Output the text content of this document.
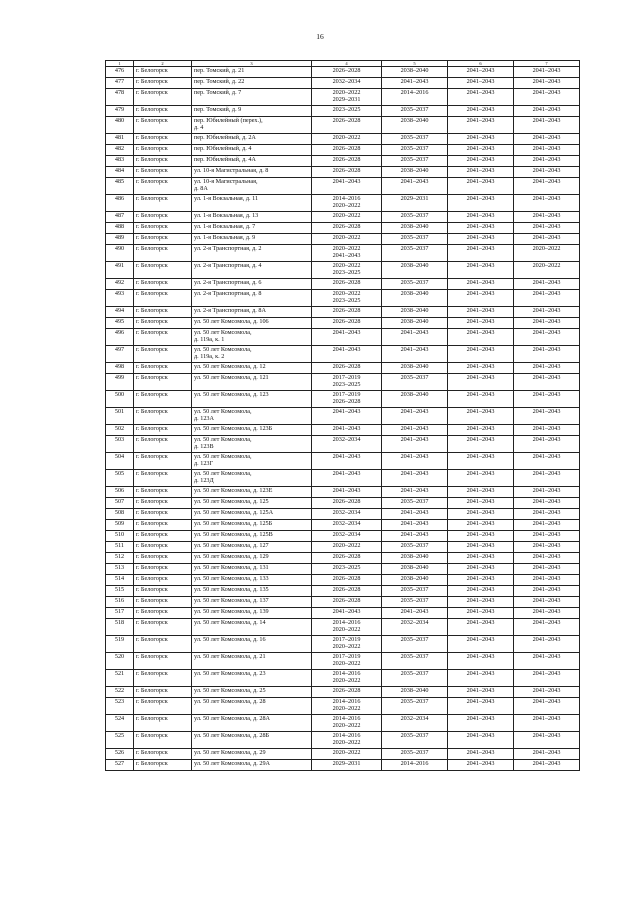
16
1	2	3	4	5	6	7
476	г. Белогорск	пер. Томский, д. 21	2026–2028	2038–2040	2041–2043	2041–2043

477	г. Белогорск	пер. Томский, д. 22	2032–2034	2041–2043	2041–2043	2041–2043

478	г. Белогорск	пер. Томский, д. 7	2020–2022
2029–2031	2014–2016	2041–2043	2041–2043

479	г. Белогорск	пер. Томский, д. 9	2023–2025	2035–2037	2041–2043	2041–2043

480	г. Белогорск	пер. Юбилейный (перех.),
д. 4	2026–2028	2038–2040	2041–2043	2041–2043

481	г. Белогорск	пер. Юбилейный, д. 2А	2020–2022	2035–2037	2041–2043	2041–2043

482	г. Белогорск	пер. Юбилейный, д. 4	2026–2028	2035–2037	2041–2043	2041–2043

483	г. Белогорск	пер. Юбилейный, д. 4А	2026–2028	2035–2037	2041–2043	2041–2043

484	г. Белогорск	ул. 10-я Магистральная, д. 8	2026–2028	2038–2040	2041–2043	2041–2043

485	г. Белогорск	ул. 10-я Магистральная,
д. 8А	2041–2043	2041–2043	2041–2043	2041–2043

486	г. Белогорск	ул. 1-я Вокзальная, д. 11	2014–2016
2020–2022	2029–2031	2041–2043	2041–2043

487	г. Белогорск	ул. 1-я Вокзальная, д. 13	2020–2022	2035–2037	2041–2043	2041–2043

488	г. Белогорск	ул. 1-я Вокзальная, д. 7	2026–2028	2038–2040	2041–2043	2041–2043

489	г. Белогорск	ул. 1-я Вокзальная, д. 9	2020–2022	2035–2037	2041–2043	2041–2043

490	г. Белогорск	ул. 2-я Транспортная, д. 2	2020–2022
2041–2043	2035–2037	2041–2043	2020–2022

491	г. Белогорск	ул. 2-я Транспортная, д. 4	2020–2022
2023–2025	2038–2040	2041–2043	2020–2022

492	г. Белогорск	ул. 2-я Транспортная, д. 6	2026–2028	2035–2037	2041–2043	2041–2043

493	г. Белогорск	ул. 2-я Транспортная, д. 8	2020–2022
2023–2025	2038–2040	2041–2043	2041–2043

494	г. Белогорск	ул. 2-я Транспортная, д. 8А	2026–2028	2038–2040	2041–2043	2041–2043

495	г. Белогорск	ул. 50 лет Комсомола, д. 106	2026–2028	2038–2040	2041–2043	2041–2043

496	г. Белогорск	ул. 50 лет Комсомола,
д. 119а, к. 1	2041–2043	2041–2043	2041–2043	2041–2043

497	г. Белогорск	ул. 50 лет Комсомола,
д. 119а, к. 2	2041–2043	2041–2043	2041–2043	2041–2043

498	г. Белогорск	ул. 50 лет Комсомола, д. 12	2026–2028	2038–2040	2041–2043	2041–2043

499	г. Белогорск	ул. 50 лет Комсомола, д. 121	2017–2019
2023–2025	2035–2037	2041–2043	2041–2043

500	г. Белогорск	ул. 50 лет Комсомола, д. 123	2017–2019
2026–2028	2038–2040	2041–2043	2041–2043

501	г. Белогорск	ул. 50 лет Комсомола,
д. 123А	2041–2043	2041–2043	2041–2043	2041–2043

502	г. Белогорск	ул. 50 лет Комсомола, д. 123Б	2041–2043	2041–2043	2041–2043	2041–2043

503	г. Белогорск	ул. 50 лет Комсомола,
д. 123В	2032–2034	2041–2043	2041–2043	2041–2043

504	г. Белогорск	ул. 50 лет Комсомола,
д. 123Г	2041–2043	2041–2043	2041–2043	2041–2043

505	г. Белогорск	ул. 50 лет Комсомола,
д. 123Д	2041–2043	2041–2043	2041–2043	2041–2043

506	г. Белогорск	ул. 50 лет Комсомола, д. 123Е	2041–2043	2041–2043	2041–2043	2041–2043

507	г. Белогорск	ул. 50 лет Комсомола, д. 125	2026–2028	2035–2037	2041–2043	2041–2043

508	г. Белогорск	ул. 50 лет Комсомола, д. 125А	2032–2034	2041–2043	2041–2043	2041–2043

509	г. Белогорск	ул. 50 лет Комсомола, д. 125Б	2032–2034	2041–2043	2041–2043	2041–2043

510	г. Белогорск	ул. 50 лет Комсомола, д. 125В	2032–2034	2041–2043	2041–2043	2041–2043

511	г. Белогорск	ул. 50 лет Комсомола, д. 127	2020–2022	2035–2037	2041–2043	2041–2043

512	г. Белогорск	ул. 50 лет Комсомола, д. 129	2026–2028	2038–2040	2041–2043	2041–2043

513	г. Белогорск	ул. 50 лет Комсомола, д. 131	2023–2025	2038–2040	2041–2043	2041–2043

514	г. Белогорск	ул. 50 лет Комсомола, д. 133	2026–2028	2038–2040	2041–2043	2041–2043

515	г. Белогорск	ул. 50 лет Комсомола, д. 135	2026–2028	2035–2037	2041–2043	2041–2043

516	г. Белогорск	ул. 50 лет Комсомола, д. 137	2026–2028	2035–2037	2041–2043	2041–2043

517	г. Белогорск	ул. 50 лет Комсомола, д. 139	2041–2043	2041–2043	2041–2043	2041–2043

518	г. Белогорск	ул. 50 лет Комсомола, д. 14	2014–2016
2020–2022	2032–2034	2041–2043	2041–2043

519	г. Белогорск	ул. 50 лет Комсомола, д. 16	2017–2019
2020–2022	2035–2037	2041–2043	2041–2043

520	г. Белогорск	ул. 50 лет Комсомола, д. 21	2017–2019
2020–2022	2035–2037	2041–2043	2041–2043

521	г. Белогорск	ул. 50 лет Комсомола, д. 23	2014–2016
2020–2022	2035–2037	2041–2043	2041–2043

522	г. Белогорск	ул. 50 лет Комсомола, д. 25	2026–2028	2038–2040	2041–2043	2041–2043

523	г. Белогорск	ул. 50 лет Комсомола, д. 28	2014–2016
2020–2022	2035–2037	2041–2043	2041–2043

524	г. Белогорск	ул. 50 лет Комсомола, д. 28А	2014–2016
2020–2022	2032–2034	2041–2043	2041–2043

525	г. Белогорск	ул. 50 лет Комсомола, д. 28Б	2014–2016
2020–2022	2035–2037	2041–2043	2041–2043

526	г. Белогорск	ул. 50 лет Комсомола, д. 29	2020–2022	2035–2037	2041–2043	2041–2043

527	г. Белогорск	ул. 50 лет Комсомола, д. 29А	2029–2031	2014–2016	2041–2043	2041–2043
